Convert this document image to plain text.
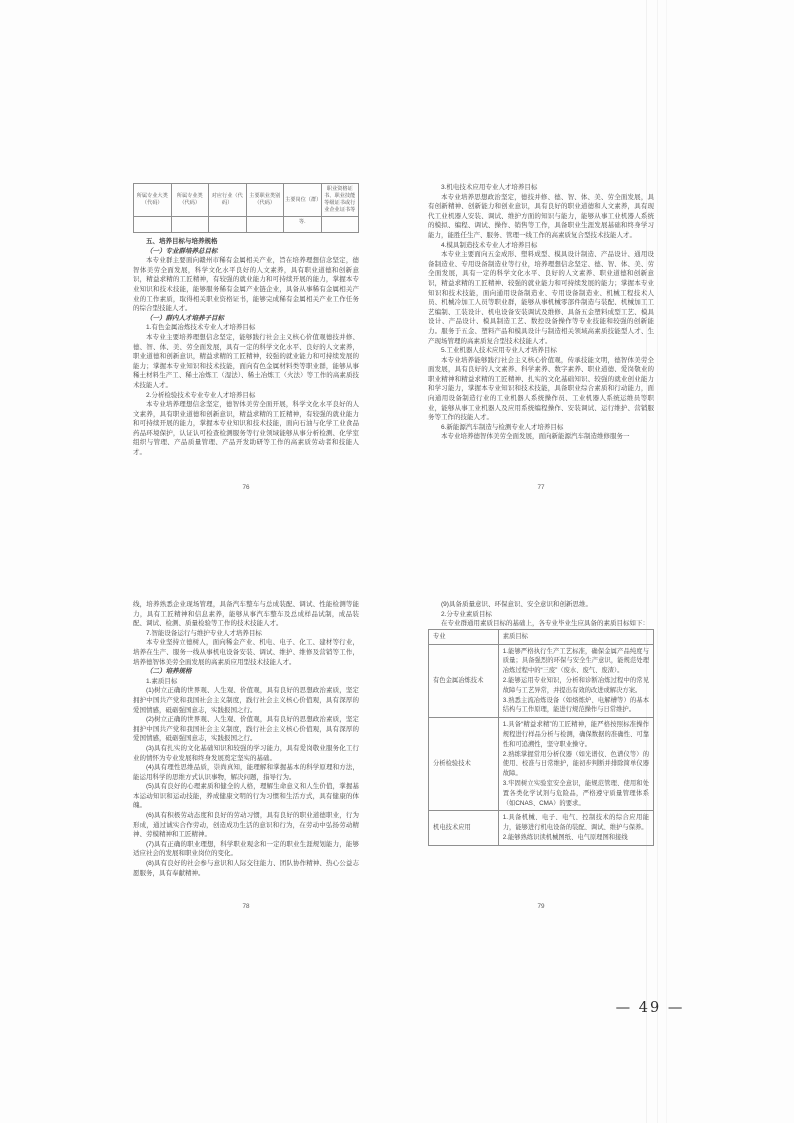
所属专业大类（代码）	所属专业类（代码）	对应行业（代码）	主要职业类别（代码）	主要岗位（群）	职业资格证书、职业技能等级证书或行业企业证书等
				等.	
五、培养目标与培养规格
（一）专业群培养总目标
本专业群主要面向赣州市稀有金属相关产业，旨在培养理想信念坚定，德智体美劳全面发展，科学文化水平良好的人文素养，具有职业道德和创新意识，精益求精的工匠精神，有较强的就业能力和可持续开展的能力，掌握本专业知识和技术技能，能够服务稀有金属产业链企业，具备从事稀有金属相关产业的工作素质，取得相关职业资格证书，能够完成稀有金属相关产业工作任务的综合型技能人才。
（一）群内人才培养子目标
1.有色金属冶炼技术专业人才培养目标
本专业主要培养理想信念坚定，能够践行社会主义核心价值观德技并修、德、智、体、美、劳全面发展，具有一定的科学文化水平、良好的人文素养，职业道德和创新意识，精益求精的工匠精神，较强的就业能力和可持续发展的能力；掌握本专业知识和技术技能，面向有色金属材料类等职业群，能够从事稀土材料生产工、稀土冶炼工（湿法）、稀土冶炼工（火法）等工作的高素质技术技能人才。
2.分析检验技术专业专业人才培养目标
本专业培养理想信念坚定，德智体美劳全面开展，科学文化水平良好的人文素养，具有职业道德和创新意识，精益求精的工匠精神，有较强的就业能力和可持续开展的能力，掌握本专业知识和技术技能，面向石油与化学工业食品药品环境保护，认证认可检查检测服务等行业领域能够从事分析检测、化学室组织与管理、产品质量管理、产品开发助研等工作的高素质劳动者和技能人才。
76
3.机电技术应用专业人才培养目标
本专业培养思想政治坚定，德技并修、德、智、体、美、劳全面发展，具有创新精神、创新能力和创业意识，具有良好的职业道德和人文素养，具有现代工业机器人安装、调试、维护方面的知识与能力，能够从事工业机器人系统的模拟、编程、调试、操作、销售等工作，具备职业生涯发展基础和终身学习能力，能胜任生产、服务、管理一线工作的高素质复合型技术技能人才。
4.模具制造技术专业人才培养目标
本专业主要面向五金成形、塑料成型、模具设计制造、产品设计、通用设备制造业、专用设备制造业等行业，培养理想信念坚定、德、智、体、美、劳全面发展，具有一定的科学文化水平、良好的人文素养、职业道德和创新意识，精益求精的工匠精神、较强的就业能力和可持续发展的能力；掌握本专业知识和技术技能，面向通用设备制造业、专用设备制造业、机械工程技术人员、机械冷加工人员等职业群，能够从事机械零部件制造与装配、机械加工工艺编制、工装设计、机电设备安装调试及维修、具备五金塑料成型工艺、模具设计、产品设计、模具制造工艺、数控设备操作等专业技能和较强的创新能力。服务于五金、塑料产品和模具设计与制造相关领域高素质技能型人才、生产现场管理的高素质复合型技术技能人才。
5.工业机器人技术应用专业人才培养目标
本专业培养能够践行社会主义核心价值观，传承技能文明，德智体美劳全面发展，具有良好的人文素养、科学素养、数字素养、职业道德、爱岗敬业的职业精神和精益求精的工匠精神、扎实的文化基础知识、较强的就业创业能力和学习能力，掌握本专业知识和技术技能，具备职业综合素质和行动能力，面向通用设备制造行业的工业机器人系统操作员、工业机器人系统运维员等职业，能够从事工业机器人及应用系统编程操作、安装调试、运行维护、营销服务等工作的技能人才。
6.新能源汽车制造与检测专业人才培养目标
本专业培养德智体美劳全面发展，面向新能源汽车制造维修服务一
77
线，培养熟悉企业现场管理，具备汽车整车与总成装配、调试、性能检测等能力，具有工匠精神和信息素养，能够从事汽车整车及总成样品试制，成品装配、调试、检测、质量检验等工作的技术技能人才。
7.智能设备运行与维护专业人才培养目标
本专业坚持立德树人，面向稀金产业、机电、电子、化工、建材等行业，培养在生产、服务一线从事机电设备安装、调试、维护、维修及营销等工作，培养德智体美劳全面发展的高素质应用型技术技能人才。
（二）培养规格
1.素质目标
(1)树立正确的世界观、人生观、价值观，具有良好的思想政治素质，坚定拥护中国共产党和我国社会主义制度，践行社会主义核心价值观，具有深厚的爱国情感，砥砺强国意志，实践报国之行。
(2)树立正确的世界观、人生观、价值观，具有良好的思想政治素质，坚定拥护中国共产党和我国社会主义制度，践行社会主义核心价值观，具有深厚的爱国情感，砥砺强国意志，实践报国之行。
(3)具有扎实的文化基础知识和较强的学习能力，具有爱岗敬业服务化工行业的情怀为专业发展和终身发展奠定坚实的基础。
(4)具有理性思维品质，崇尚真知，能理解和掌握基本的科学原理和方法，能运用科学的思维方式认识事物，解决问题，指导行为。
(5)具有良好的心理素质和健全的人格，理解生命意义和人生价值，掌握基本运动知识和运动技能，养成健康文明的行为习惯和生活方式，具有健康的体魄。
(6)具有积极劳动态度和良好的劳动习惯，具有良好的职业道德职业，行为形成，通过诚实合作劳动，创造成功生活的意识和行为，在劳动中弘扬劳动精神、劳模精神和工匠精神。
(7)具有正确的职业理想，科学职业观念和一定的职业生涯规划能力，能够适应社会的发展和职业岗位的变化。
(8)具有良好的社会参与意识和人际交往能力、团队协作精神、热心公益志愿服务，具有奉献精神。
78
(9)具备质量意识、环保意识、安全意识和创新思维。
2.分专业素质目标
在专业群通用素质目标的基础上，各专业毕业生应具备的素质目标如下：
专业	素质目标
有色金属冶炼技术	1.能够严格执行生产工艺标准，确保金属产品纯度与质量；具备强烈的环保与安全生产意识，能规范处理冶炼过程中的“三废”（废水、废气、废渣）。
2.能够运用专业知识，分析和诊断冶炼过程中的常见故障与工艺异常，并提出有效的改进或解决方案。
3.熟悉主流冶炼设备（如熔炼炉、电解槽等）的基本结构与工作原理，能进行规范操作与日常维护。

分析检验技术	1.具备“精益求精”的工匠精神，能严格按照标准操作规程进行样品分析与检测，确保数据的准确性、可靠性和可追溯性，坚守职业操守。
2.熟练掌握常用分析仪器（如光谱仪、色谱仪等）的使用、校准与日常维护，能初步判断并排除简单仪器故障。
3.牢固树立实验室安全意识，能规范管理、使用和处置各类化学试剂与危险品，严格遵守质量管理体系（如CNAS、CMA）的要求。

机电技术应用	1.具备机械、电子、电气、控制技术的综合应用能力，能够进行机电设备的装配、调试、维护与保养。
2.能够熟练识读机械图纸、电气原理图和接线
79
— 49 —
